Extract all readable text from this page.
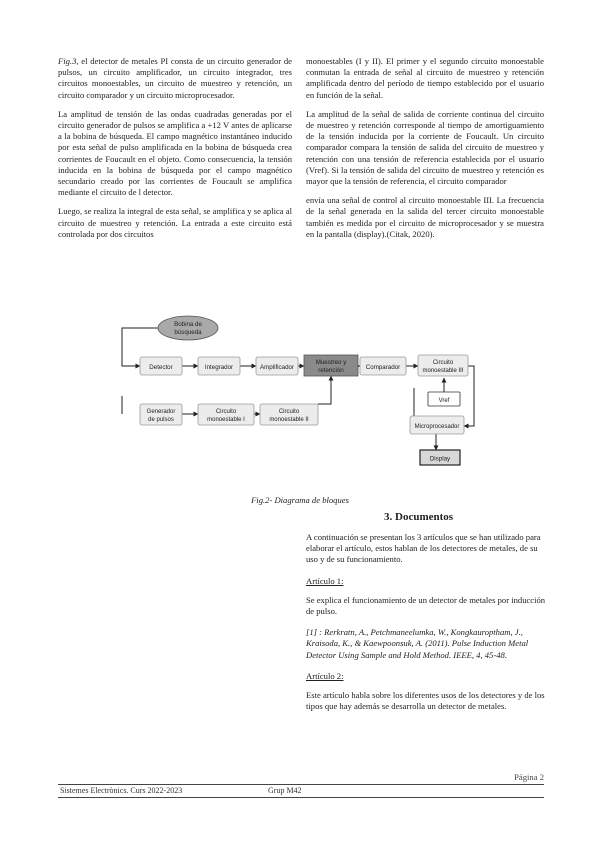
Fig.3, el detector de metales PI consta de un circuito generador de pulsos, un circuito amplificador, un circuito integrador, tres circuitos monoestables, un circuito de muestreo y retención, un circuito comparador y un circuito microprocesador.

La amplitud de tensión de las ondas cuadradas generadas por el circuito generador de pulsos se amplifica a +12 V antes de aplicarse a la bobina de búsqueda. El campo magnético instantáneo inducido por esta señal de pulso amplificada en la bobina de búsqueda crea corrientes de Foucault en el objeto. Como consecuencia, la tensión inducida en la bobina de búsqueda por el campo magnético secundario creado por las corrientes de Foucault se amplifica mediante el circuito de l detector.

Luego, se realiza la integral de esta señal, se amplifica y se aplica al circuito de muestreo y retención. La entrada a este circuito está controlada por dos circuitos

monoestables (I y II). El primer y el segundo circuito monoestable conmutan la entrada de señal al circuito de muestreo y retención amplificada dentro del período de tiempo establecido por el usuario en función de la señal.

La amplitud de la señal de salida de corriente continua del circuito de muestreo y retención corresponde al tiempo de amortiguamiento de la tensión inducida por la corriente de Foucault. Un circuito comparador compara la tensión de salida del circuito de muestreo y retención con una tensión de referencia establecida por el usuario (Vref). Si la tensión de salida del circuito de muestreo y retención es mayor que la tensión de referencia, el circuito comparador

envía una señal de control al circuito monoestable III. La frecuencia de la señal generada en la salida del tercer circuito monoestable también es medida por el circuito de microprocesador y se muestra en la pantalla (display).(Citak, 2020).

Bobina de
búsqueda
Detector	Integrador	Amplificador
Muestreo y
retención	Comparador
Circuito
monoestable III
Vref
Generador
de pulsos
Circuito
monoestable I
Circuito
monoestable II
Microprocesador
Display
Fig.2- Diagrama de bloques
3. Documentos

A continuación se presentan los 3 artículos que se han utilizado para elaborar el artículo, estos hablan de los detectores de metales, de su uso y de su funcionamiento.

Artículo 1:

Se explica el funcionamiento de un detector de metales por inducción de pulso.

[1] : Rerkratn, A., Petchmaneelumka, W., Kongkauroptham, J., Kraisoda, K., & Kaewpoonsuk, A. (2011). Pulse Induction Metal Detector Using Sample and Hold Method. IEEE, 4, 45-48.

Artículo 2:

Este artículo habla sobre los diferentes usos de los detectores y de los tipos que hay además se desarrolla un detector de metales.

Página 2
Sistemes Electrònics. Curs 2022-2023	Grup M42
